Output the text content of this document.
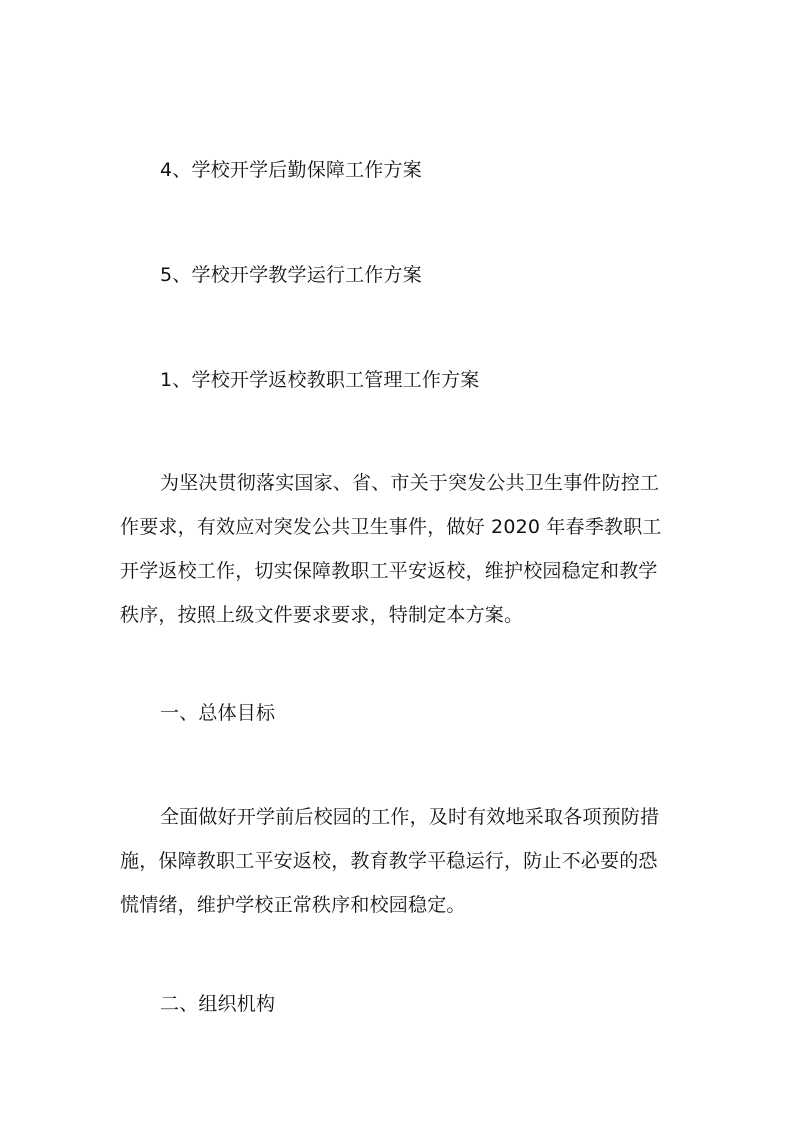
4、学校开学后勤保障工作方案
5、学校开学教学运行工作方案
1、学校开学返校教职工管理工作方案
为坚决贯彻落实国家、省、市关于突发公共卫生事件防控工
作要求，有效应对突发公共卫生事件，做好 2020 年春季教职工
开学返校工作，切实保障教职工平安返校，维护校园稳定和教学
秩序，按照上级文件要求要求，特制定本方案。
一、总体目标
全面做好开学前后校园的工作，及时有效地采取各项预防措
施，保障教职工平安返校，教育教学平稳运行，防止不必要的恐
慌情绪，维护学校正常秩序和校园稳定。
二、组织机构
